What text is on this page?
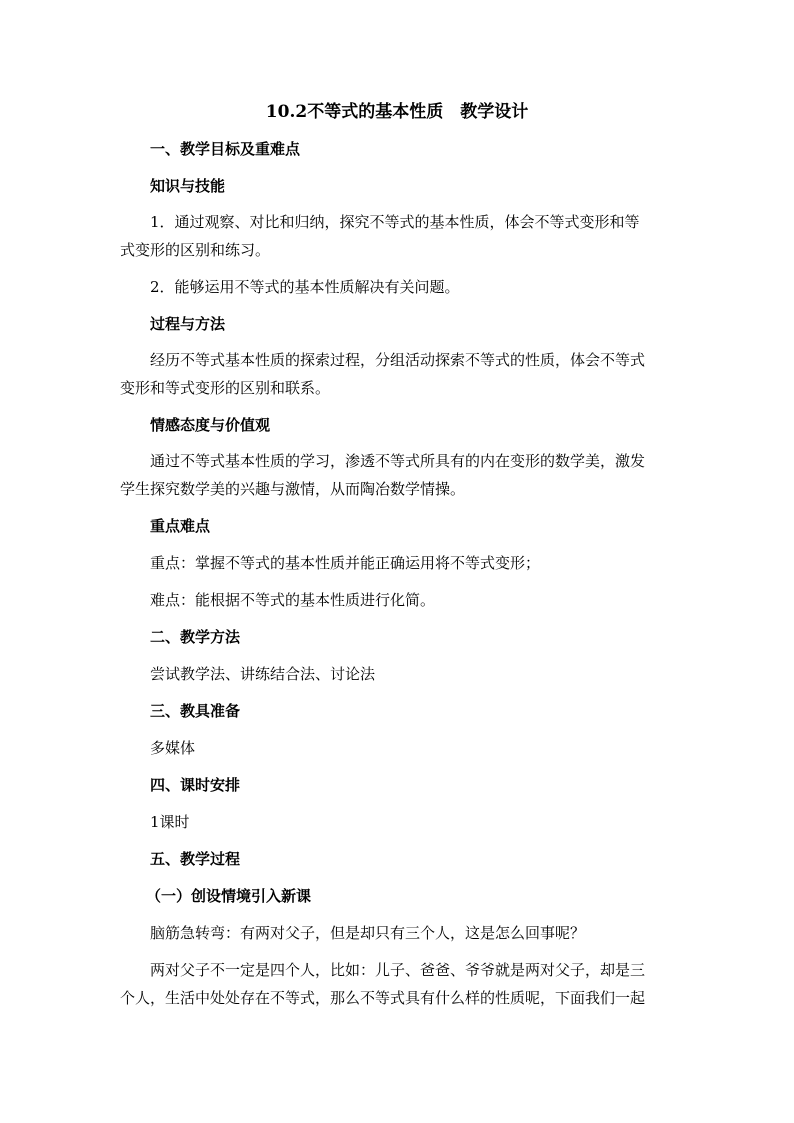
10.2不等式的基本性质　教学设计
一、教学目标及重难点
知识与技能
1．通过观察、对比和归纳，探究不等式的基本性质，体会不等式变形和等
式变形的区别和练习。
2．能够运用不等式的基本性质解决有关问题。
过程与方法
经历不等式基本性质的探索过程，分组活动探索不等式的性质，体会不等式
变形和等式变形的区别和联系。
情感态度与价值观
通过不等式基本性质的学习，渗透不等式所具有的内在变形的数学美，激发
学生探究数学美的兴趣与激情，从而陶冶数学情操。
重点难点
重点：掌握不等式的基本性质并能正确运用将不等式变形；
难点：能根据不等式的基本性质进行化简。
二、教学方法
尝试教学法、讲练结合法、讨论法
三、教具准备
多媒体
四、课时安排
1课时
五、教学过程
（一）创设情境引入新课
脑筋急转弯：有两对父子，但是却只有三个人，这是怎么回事呢？
两对父子不一定是四个人，比如：儿子、爸爸、爷爷就是两对父子，却是三
个人，生活中处处存在不等式，那么不等式具有什么样的性质呢，下面我们一起
